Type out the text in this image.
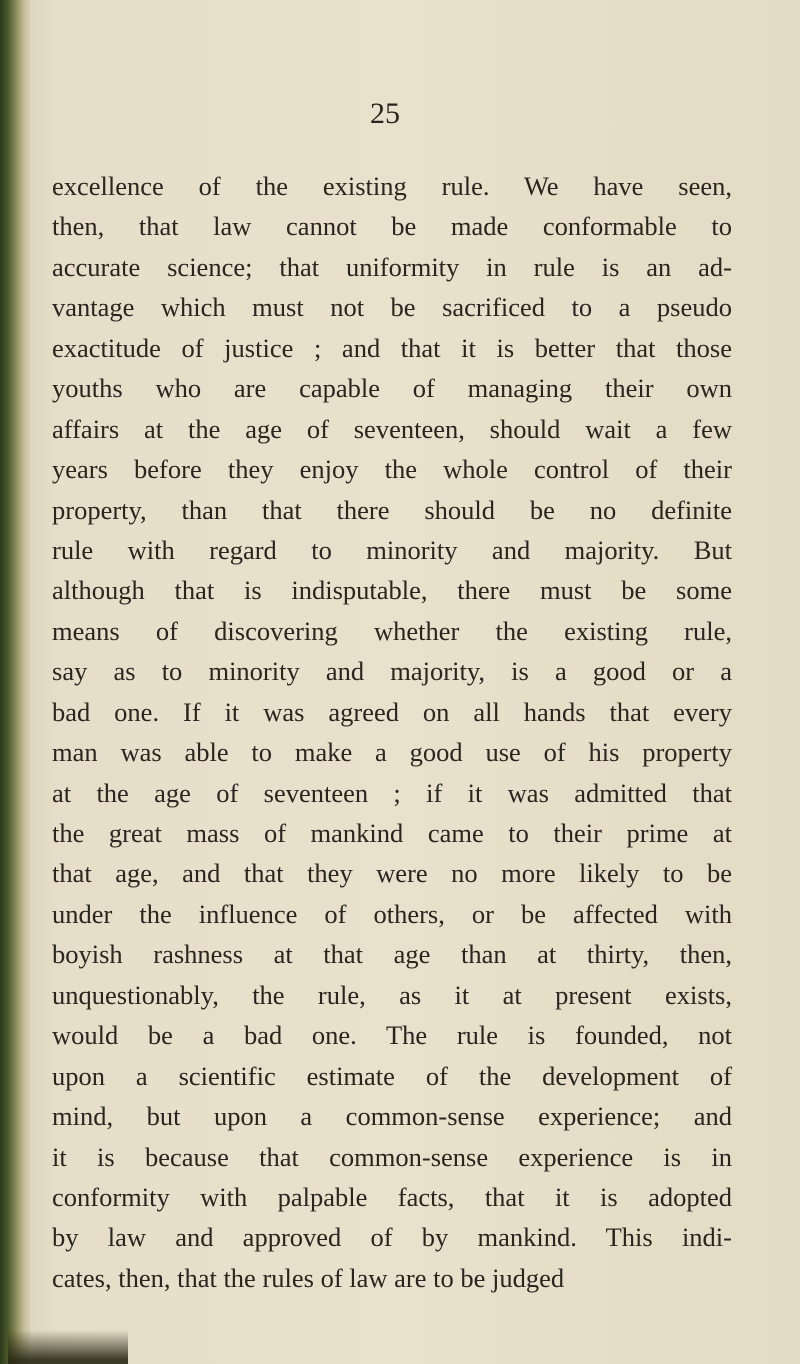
25
excellence of the existing rule. We have seen,
then, that law cannot be made conformable to
accurate science; that uniformity in rule is an ad-
vantage which must not be sacrificed to a pseudo
exactitude of justice ; and that it is better that those
youths who are capable of managing their own
affairs at the age of seventeen, should wait a few
years before they enjoy the whole control of their
property, than that there should be no definite
rule with regard to minority and majority. But
although that is indisputable, there must be some
means of discovering whether the existing rule,
say as to minority and majority, is a good or a
bad one. If it was agreed on all hands that every
man was able to make a good use of his property
at the age of seventeen ; if it was admitted that
the great mass of mankind came to their prime at
that age, and that they were no more likely to be
under the influence of others, or be affected with
boyish rashness at that age than at thirty, then,
unquestionably, the rule, as it at present exists,
would be a bad one. The rule is founded, not
upon a scientific estimate of the development of
mind, but upon a common-sense experience; and
it is because that common-sense experience is in
conformity with palpable facts, that it is adopted
by law and approved of by mankind. This indi-
cates, then, that the rules of law are to be judged
